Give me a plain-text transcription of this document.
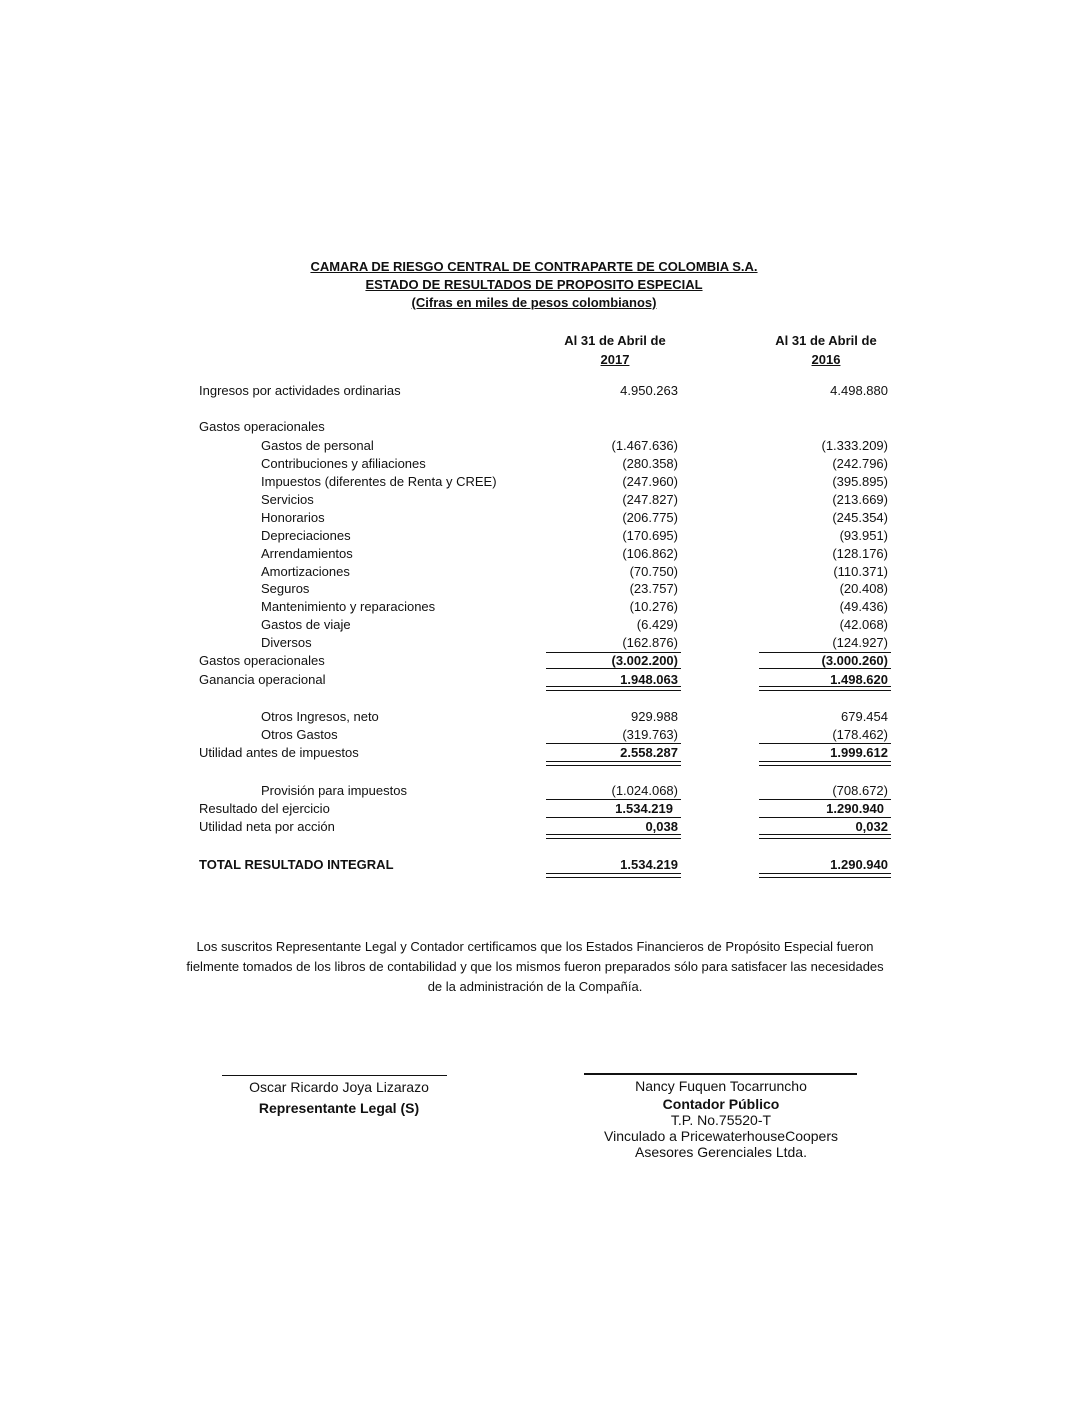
CAMARA DE RIESGO CENTRAL DE CONTRAPARTE DE COLOMBIA S.A.
ESTADO DE RESULTADOS DE PROPOSITO ESPECIAL
(Cifras en miles de pesos colombianos)
Al 31 de Abril de
2017
Al 31 de Abril de
2016
Ingresos por actividades ordinarias	4.950.263	4.498.880
Gastos operacionales
Gastos de personal	(1.467.636)	(1.333.209)
Contribuciones y afiliaciones	(280.358)	(242.796)
Impuestos (diferentes de Renta y CREE)	(247.960)	(395.895)
Servicios	(247.827)	(213.669)
Honorarios	(206.775)	(245.354)
Depreciaciones	(170.695)	(93.951)
Arrendamientos	(106.862)	(128.176)
Amortizaciones	(70.750)	(110.371)
Seguros	(23.757)	(20.408)
Mantenimiento y reparaciones	(10.276)	(49.436)
Gastos de viaje	(6.429)	(42.068)
Diversos	(162.876)	(124.927)
Gastos operacionales	(3.002.200)	(3.000.260)
Ganancia operacional	1.948.063	1.498.620
Otros Ingresos, neto	929.988	679.454
Otros Gastos	(319.763)	(178.462)
Utilidad antes de impuestos	2.558.287	1.999.612
Provisión para impuestos	(1.024.068)	(708.672)
Resultado del ejercicio	1.534.219	1.290.940
Utilidad neta por acción	0,038	0,032
TOTAL RESULTADO INTEGRAL	1.534.219	1.290.940
Los suscritos Representante Legal y Contador certificamos que los Estados Financieros de Propósito Especial fueron fielmente tomados de los libros de contabilidad y que los mismos fueron preparados sólo para satisfacer las necesidades de la administración de la Compañía.
Oscar Ricardo Joya Lizarazo
Representante Legal (S)
Nancy Fuquen Tocarruncho
Contador Público
T.P. No.75520-T
Vinculado a PricewaterhouseCoopers
Asesores Gerenciales Ltda.
